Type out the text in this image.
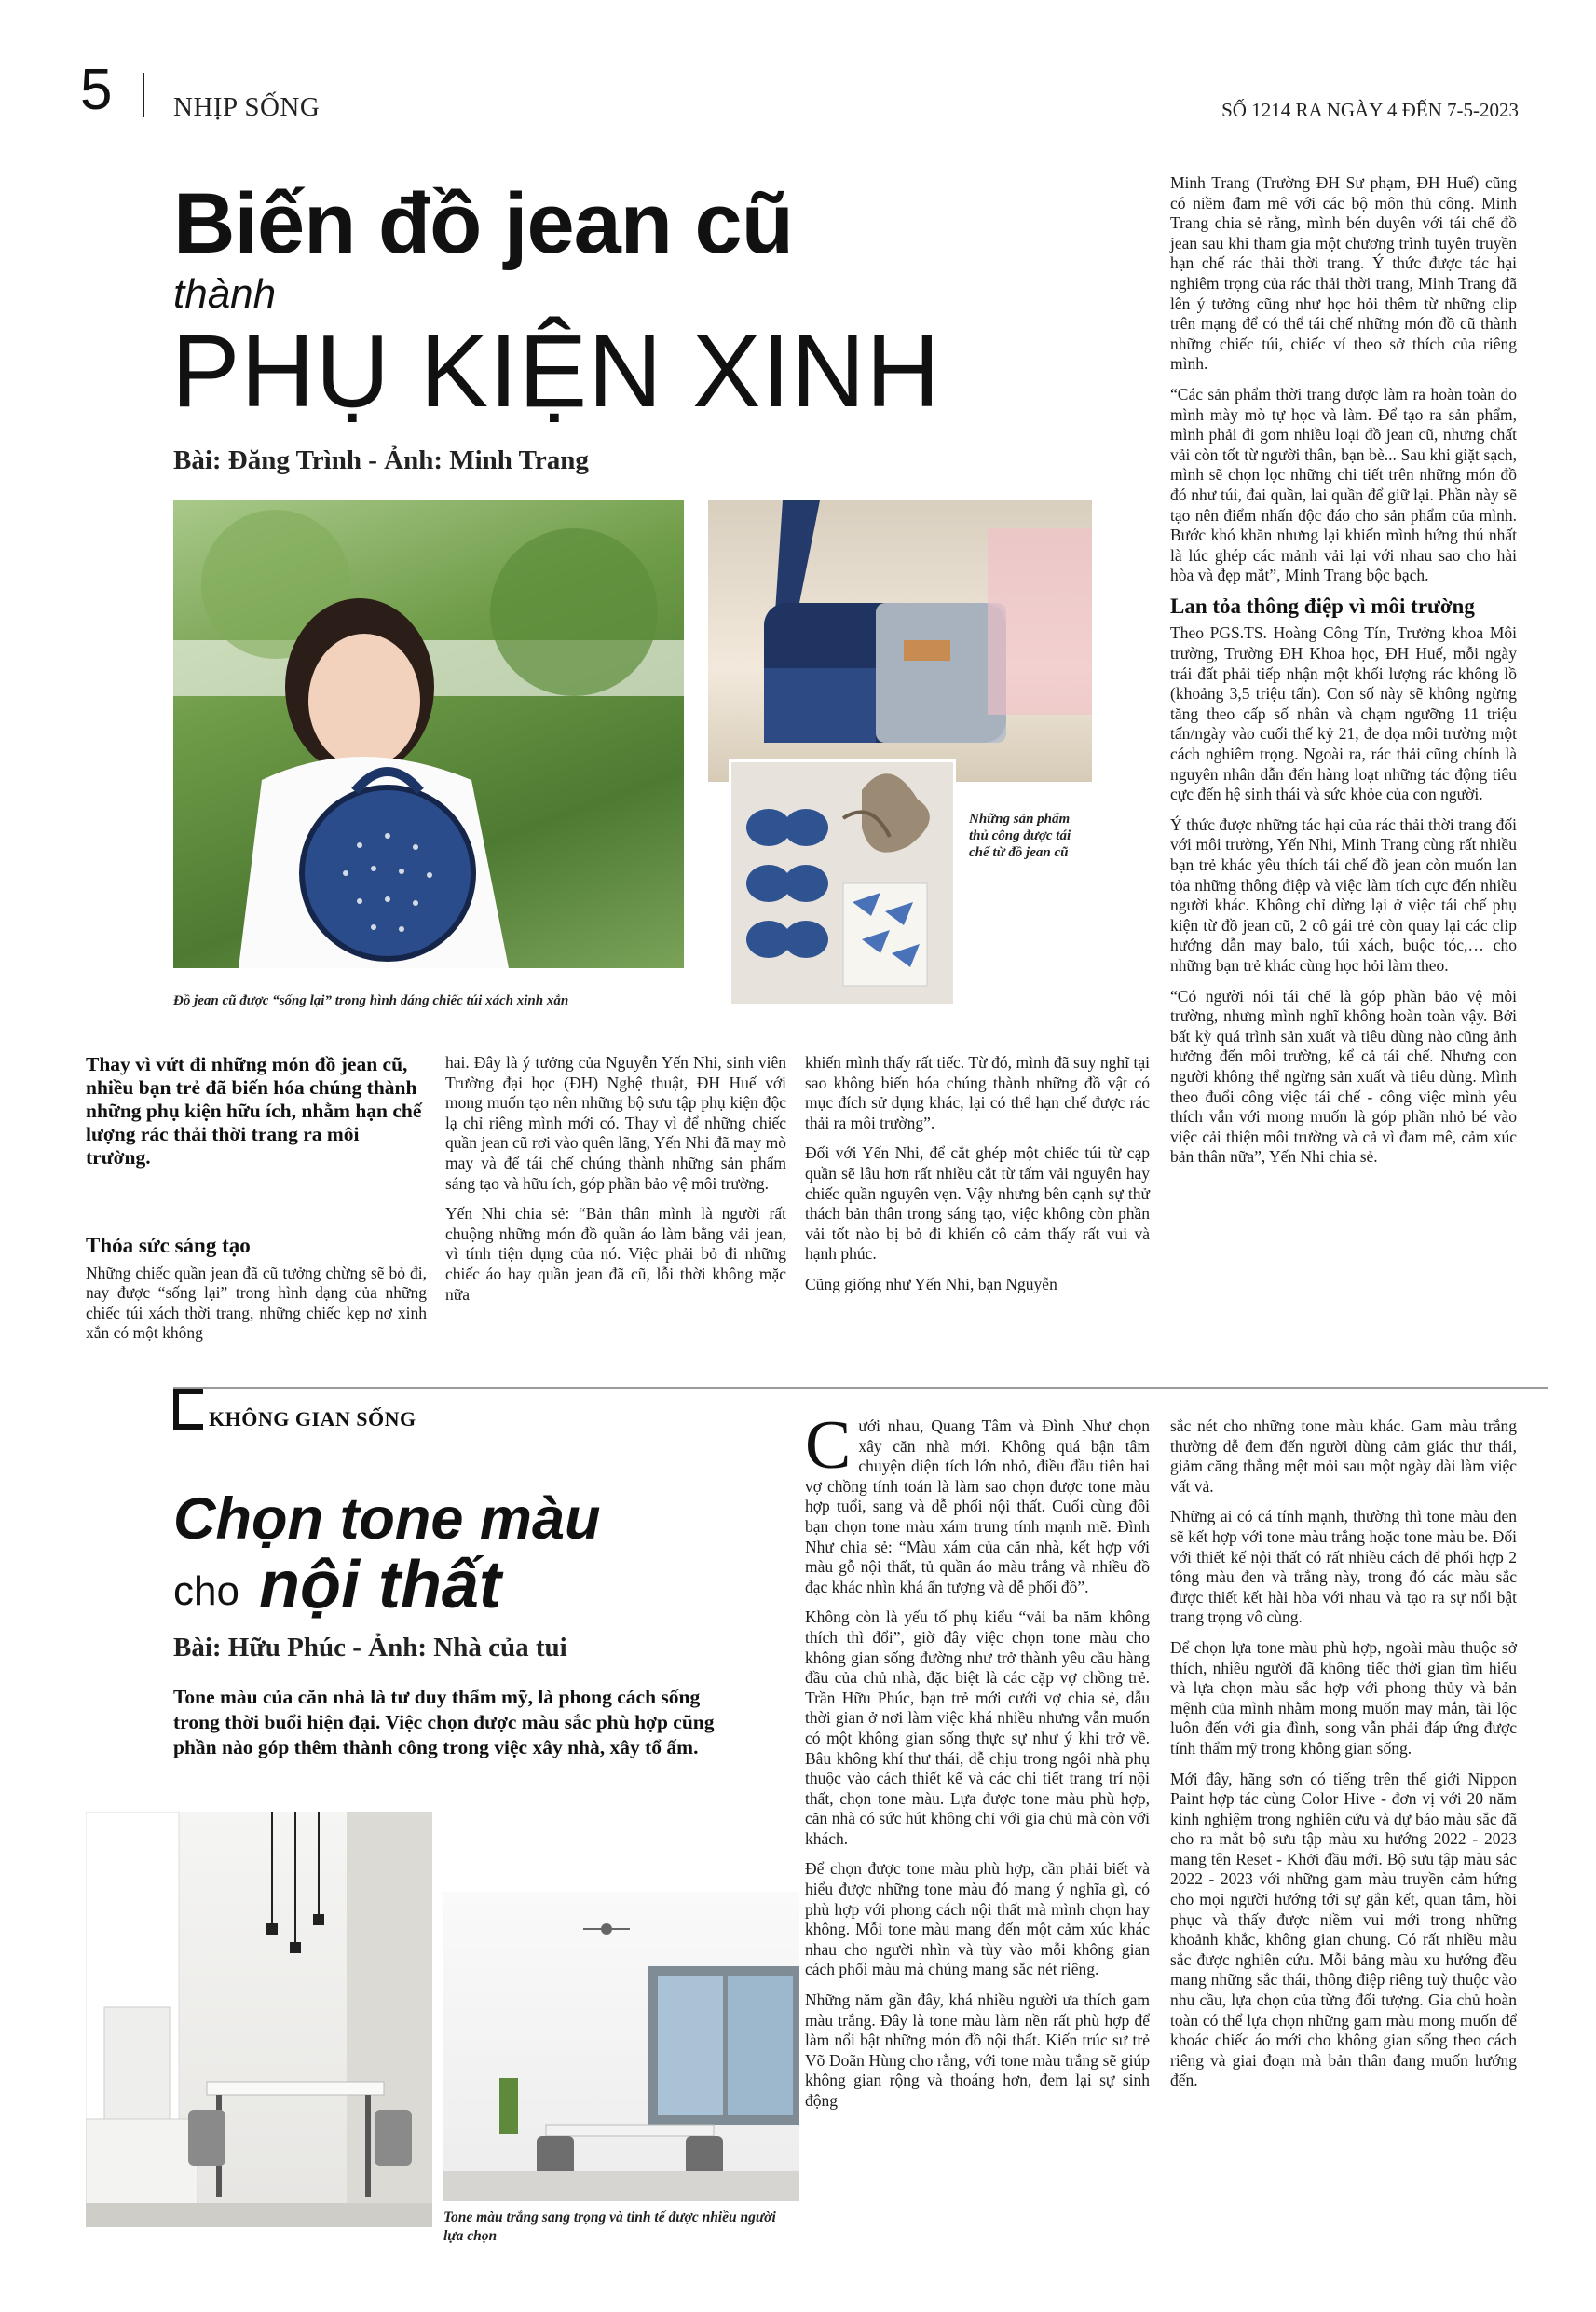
5 NHỊP SỐNG	SỐ 1214 RA NGÀY 4 ĐẾN 7-5-2023
Biến đồ jean cũ
thành
PHỤ KIỆN XINH
Bài: Đăng Trình - Ảnh: Minh Trang
Đồ jean cũ được “sống lại” trong hình dáng chiếc túi xách xinh xắn
Những sản phẩm thủ công được tái chế từ đồ jean cũ
Thay vì vứt đi những món đồ jean cũ, nhiều bạn trẻ đã biến hóa chúng thành những phụ kiện hữu ích, nhằm hạn chế lượng rác thải thời trang ra môi trường.
Thỏa sức sáng tạo

Những chiếc quần jean đã cũ tưởng chừng sẽ bỏ đi, nay được “sống lại” trong hình dạng của những chiếc túi xách thời trang, những chiếc kẹp nơ xinh xắn có một không

hai. Đây là ý tưởng của Nguyễn Yến Nhi, sinh viên Trường đại học (ĐH) Nghệ thuật, ĐH Huế với mong muốn tạo nên những bộ sưu tập phụ kiện độc lạ chỉ riêng mình mới có. Thay vì để những chiếc quần jean cũ rơi vào quên lãng, Yến Nhi đã may mò may và để tái chế chúng thành những sản phẩm sáng tạo và hữu ích, góp phần bảo vệ môi trường.

Yến Nhi chia sẻ: “Bản thân mình là người rất chuộng những món đồ quần áo làm bằng vải jean, vì tính tiện dụng của nó. Việc phải bỏ đi những chiếc áo hay quần jean đã cũ, lỗi thời không mặc nữa

khiến mình thấy rất tiếc. Từ đó, mình đã suy nghĩ tại sao không biến hóa chúng thành những đồ vật có mục đích sử dụng khác, lại có thể hạn chế được rác thải ra môi trường”.

Đối với Yến Nhi, để cắt ghép một chiếc túi từ cạp quần sẽ lâu hơn rất nhiều cắt từ tấm vải nguyên hay chiếc quần nguyên vẹn. Vậy nhưng bên cạnh sự thử thách bản thân trong sáng tạo, việc không còn phần vải tốt nào bị bỏ đi khiến cô cảm thấy rất vui và hạnh phúc.

Cũng giống như Yến Nhi, bạn Nguyễn

Minh Trang (Trường ĐH Sư phạm, ĐH Huế) cũng có niềm đam mê với các bộ môn thủ công. Minh Trang chia sẻ rằng, mình bén duyên với tái chế đồ jean sau khi tham gia một chương trình tuyên truyền hạn chế rác thải thời trang. Ý thức được tác hại nghiêm trọng của rác thải thời trang, Minh Trang đã lên ý tưởng cũng như học hỏi thêm từ những clip trên mạng để có thể tái chế những món đồ cũ thành những chiếc túi, chiếc ví theo sở thích của riêng mình.

“Các sản phẩm thời trang được làm ra hoàn toàn do mình mày mò tự học và làm. Để tạo ra sản phẩm, mình phải đi gom nhiều loại đồ jean cũ, nhưng chất vải còn tốt từ người thân, bạn bè... Sau khi giặt sạch, mình sẽ chọn lọc những chi tiết trên những món đồ đó như túi, đai quần, lai quần để giữ lại. Phần này sẽ tạo nên điểm nhấn độc đáo cho sản phẩm của mình. Bước khó khăn nhưng lại khiến mình hứng thú nhất là lúc ghép các mảnh vải lại với nhau sao cho hài hòa và đẹp mắt”, Minh Trang bộc bạch.

Lan tỏa thông điệp vì môi trường

Theo PGS.TS. Hoàng Công Tín, Trưởng khoa Môi trường, Trường ĐH Khoa học, ĐH Huế, mỗi ngày trái đất phải tiếp nhận một khối lượng rác không lồ (khoảng 3,5 triệu tấn). Con số này sẽ không ngừng tăng theo cấp số nhân và chạm ngưỡng 11 triệu tấn/ngày vào cuối thế kỷ 21, đe dọa môi trường một cách nghiêm trọng. Ngoài ra, rác thải cũng chính là nguyên nhân dẫn đến hàng loạt những tác động tiêu cực đến hệ sinh thái và sức khỏe của con người.

Ý thức được những tác hại của rác thải thời trang đối với môi trường, Yến Nhi, Minh Trang cùng rất nhiều bạn trẻ khác yêu thích tái chế đồ jean còn muốn lan tỏa những thông điệp và việc làm tích cực đến nhiều người khác. Không chỉ dừng lại ở việc tái chế phụ kiện từ đồ jean cũ, 2 cô gái trẻ còn quay lại các clip hướng dẫn may balo, túi xách, buộc tóc,… cho những bạn trẻ khác cùng học hỏi làm theo.

“Có người nói tái chế là góp phần bảo vệ môi trường, nhưng mình nghĩ không hoàn toàn vậy. Bởi bất kỳ quá trình sản xuất và tiêu dùng nào cũng ảnh hưởng đến môi trường, kể cả tái chế. Nhưng con người không thể ngừng sản xuất và tiêu dùng. Mình theo đuổi công việc tái chế - công việc mình yêu thích vẫn với mong muốn là góp phần nhỏ bé vào việc cải thiện môi trường và cả vì đam mê, cảm xúc bản thân nữa”, Yến Nhi chia sẻ.

KHÔNG GIAN SỐNG
Chọn tone màu
cho nội thất
Bài: Hữu Phúc - Ảnh: Nhà của tui
Tone màu của căn nhà là tư duy thẩm mỹ, là phong cách sống trong thời buổi hiện đại. Việc chọn được màu sắc phù hợp cũng phần nào góp thêm thành công trong việc xây nhà, xây tổ ấm.
Tone màu trắng sang trọng và tinh tế được nhiều người lựa chọn

C ưới nhau, Quang Tâm và Đình Như chọn xây căn nhà mới. Không quá bận tâm chuyện diện tích lớn nhỏ, điều đầu tiên hai vợ chồng tính toán là làm sao chọn được tone màu hợp tuổi, sang và dễ phối nội thất. Cuối cùng đôi bạn chọn tone màu xám trung tính mạnh mẽ. Đình Như chia sẻ: “Màu xám của căn nhà, kết hợp với màu gỗ nội thất, tủ quần áo màu trắng và nhiều đồ đạc khác nhìn khá ấn tượng và dễ phối đồ”.

Không còn là yếu tố phụ kiểu “vải ba năm không thích thì đổi”, giờ đây việc chọn tone màu cho không gian sống đường như trở thành yêu cầu hàng đầu của chủ nhà, đặc biệt là các cặp vợ chồng trẻ. Trần Hữu Phúc, bạn trẻ mới cưới vợ chia sẻ, dẫu thời gian ở nơi làm việc khá nhiều nhưng vẫn muốn có một không gian sống thực sự như ý khi trở về. Bâu không khí thư thái, dễ chịu trong ngôi nhà phụ thuộc vào cách thiết kế và các chi tiết trang trí nội thất, chọn tone màu. Lựa được tone màu phù hợp, căn nhà có sức hút không chỉ với gia chủ mà còn với khách.

Để chọn được tone màu phù hợp, cần phải biết và hiểu được những tone màu đó mang ý nghĩa gì, có phù hợp với phong cách nội thất mà mình chọn hay không. Mỗi tone màu mang đến một cảm xúc khác nhau cho người nhìn và tùy vào mỗi không gian cách phối màu mà chúng mang sắc nét riêng.

Những năm gần đây, khá nhiều người ưa thích gam màu trắng. Đây là tone màu làm nền rất phù hợp để làm nổi bật những món đồ nội thất. Kiến trúc sư trẻ Võ Doãn Hùng cho rằng, với tone màu trắng sẽ giúp không gian rộng và thoáng hơn, đem lại sự sinh động

sắc nét cho những tone màu khác. Gam màu trắng thường dễ đem đến người dùng cảm giác thư thái, giảm căng thẳng mệt mỏi sau một ngày dài làm việc vất vả.

Những ai có cá tính mạnh, thường thì tone màu đen sẽ kết hợp với tone màu trắng hoặc tone màu be. Đối với thiết kế nội thất có rất nhiều cách để phối hợp 2 tông màu đen và trắng này, trong đó các màu sắc được thiết kết hài hòa với nhau và tạo ra sự nổi bật trang trọng vô cùng.

Để chọn lựa tone màu phù hợp, ngoài màu thuộc sở thích, nhiều người đã không tiếc thời gian tìm hiểu và lựa chọn màu sắc hợp với phong thủy và bản mệnh của mình nhằm mong muốn may mắn, tài lộc luôn đến với gia đình, song vẫn phải đáp ứng được tính thẩm mỹ trong không gian sống.

Mới đây, hãng sơn có tiếng trên thế giới Nippon Paint hợp tác cùng Color Hive - đơn vị với 20 năm kinh nghiệm trong nghiên cứu và dự báo màu sắc đã cho ra mắt bộ sưu tập màu xu hướng 2022 - 2023 mang tên Reset - Khởi đầu mới. Bộ sưu tập màu sắc 2022 - 2023 với những gam màu truyền cảm hứng cho mọi người hướng tới sự gắn kết, quan tâm, hồi phục và thấy được niềm vui mới trong những khoảnh khắc, không gian chung. Có rất nhiều màu sắc được nghiên cứu. Mỗi bảng màu xu hướng đều mang những sắc thái, thông điệp riêng tuỳ thuộc vào nhu cầu, lựa chọn của từng đối tượng. Gia chủ hoàn toàn có thể lựa chọn những gam màu mong muốn để khoác chiếc áo mới cho không gian sống theo cách riêng và giai đoạn mà bản thân đang muốn hướng đến.
